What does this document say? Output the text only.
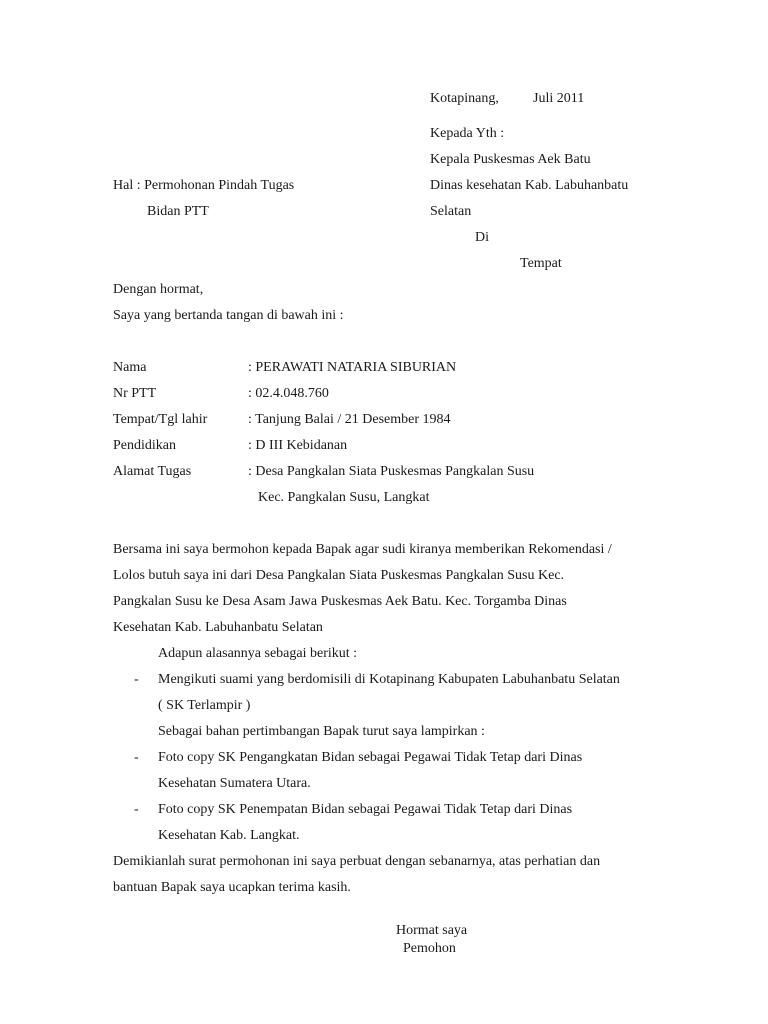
Kotapinang, Juli 2011

Kepada Yth :

Kepala Puskesmas Aek Batu

Dinas kesehatan Kab. Labuhanbatu

Selatan

Di

Tempat

Hal : Permohonan Pindah Tugas

Bidan PTT

Dengan hormat,

Saya yang bertanda tangan di bawah ini :

Nama	: PERAWATI NATARIA SIBURIAN

Nr PTT	: 02.4.048.760

Tempat/Tgl lahir	: Tanjung Balai / 21 Desember 1984

Pendidikan	: D III Kebidanan

Alamat Tugas	: Desa Pangkalan Siata Puskesmas Pangkalan Susu

Kec. Pangkalan Susu, Langkat

Bersama ini saya bermohon kepada Bapak agar sudi kiranya memberikan Rekomendasi /

Lolos butuh saya ini dari Desa Pangkalan Siata Puskesmas Pangkalan Susu Kec.

Pangkalan Susu ke Desa Asam Jawa Puskesmas Aek Batu. Kec. Torgamba Dinas

Kesehatan Kab. Labuhanbatu Selatan

Adapun alasannya sebagai berikut :

- Mengikuti suami yang berdomisili di Kotapinang Kabupaten Labuhanbatu Selatan

( SK Terlampir )

Sebagai bahan pertimbangan Bapak turut saya lampirkan :

- Foto copy SK Pengangkatan Bidan sebagai Pegawai Tidak Tetap dari Dinas

Kesehatan Sumatera Utara.

- Foto copy SK Penempatan Bidan sebagai Pegawai Tidak Tetap dari Dinas

Kesehatan Kab. Langkat.

Demikianlah surat permohonan ini saya perbuat dengan sebanarnya, atas perhatian dan

bantuan Bapak saya ucapkan terima kasih.

Hormat saya

Pemohon
